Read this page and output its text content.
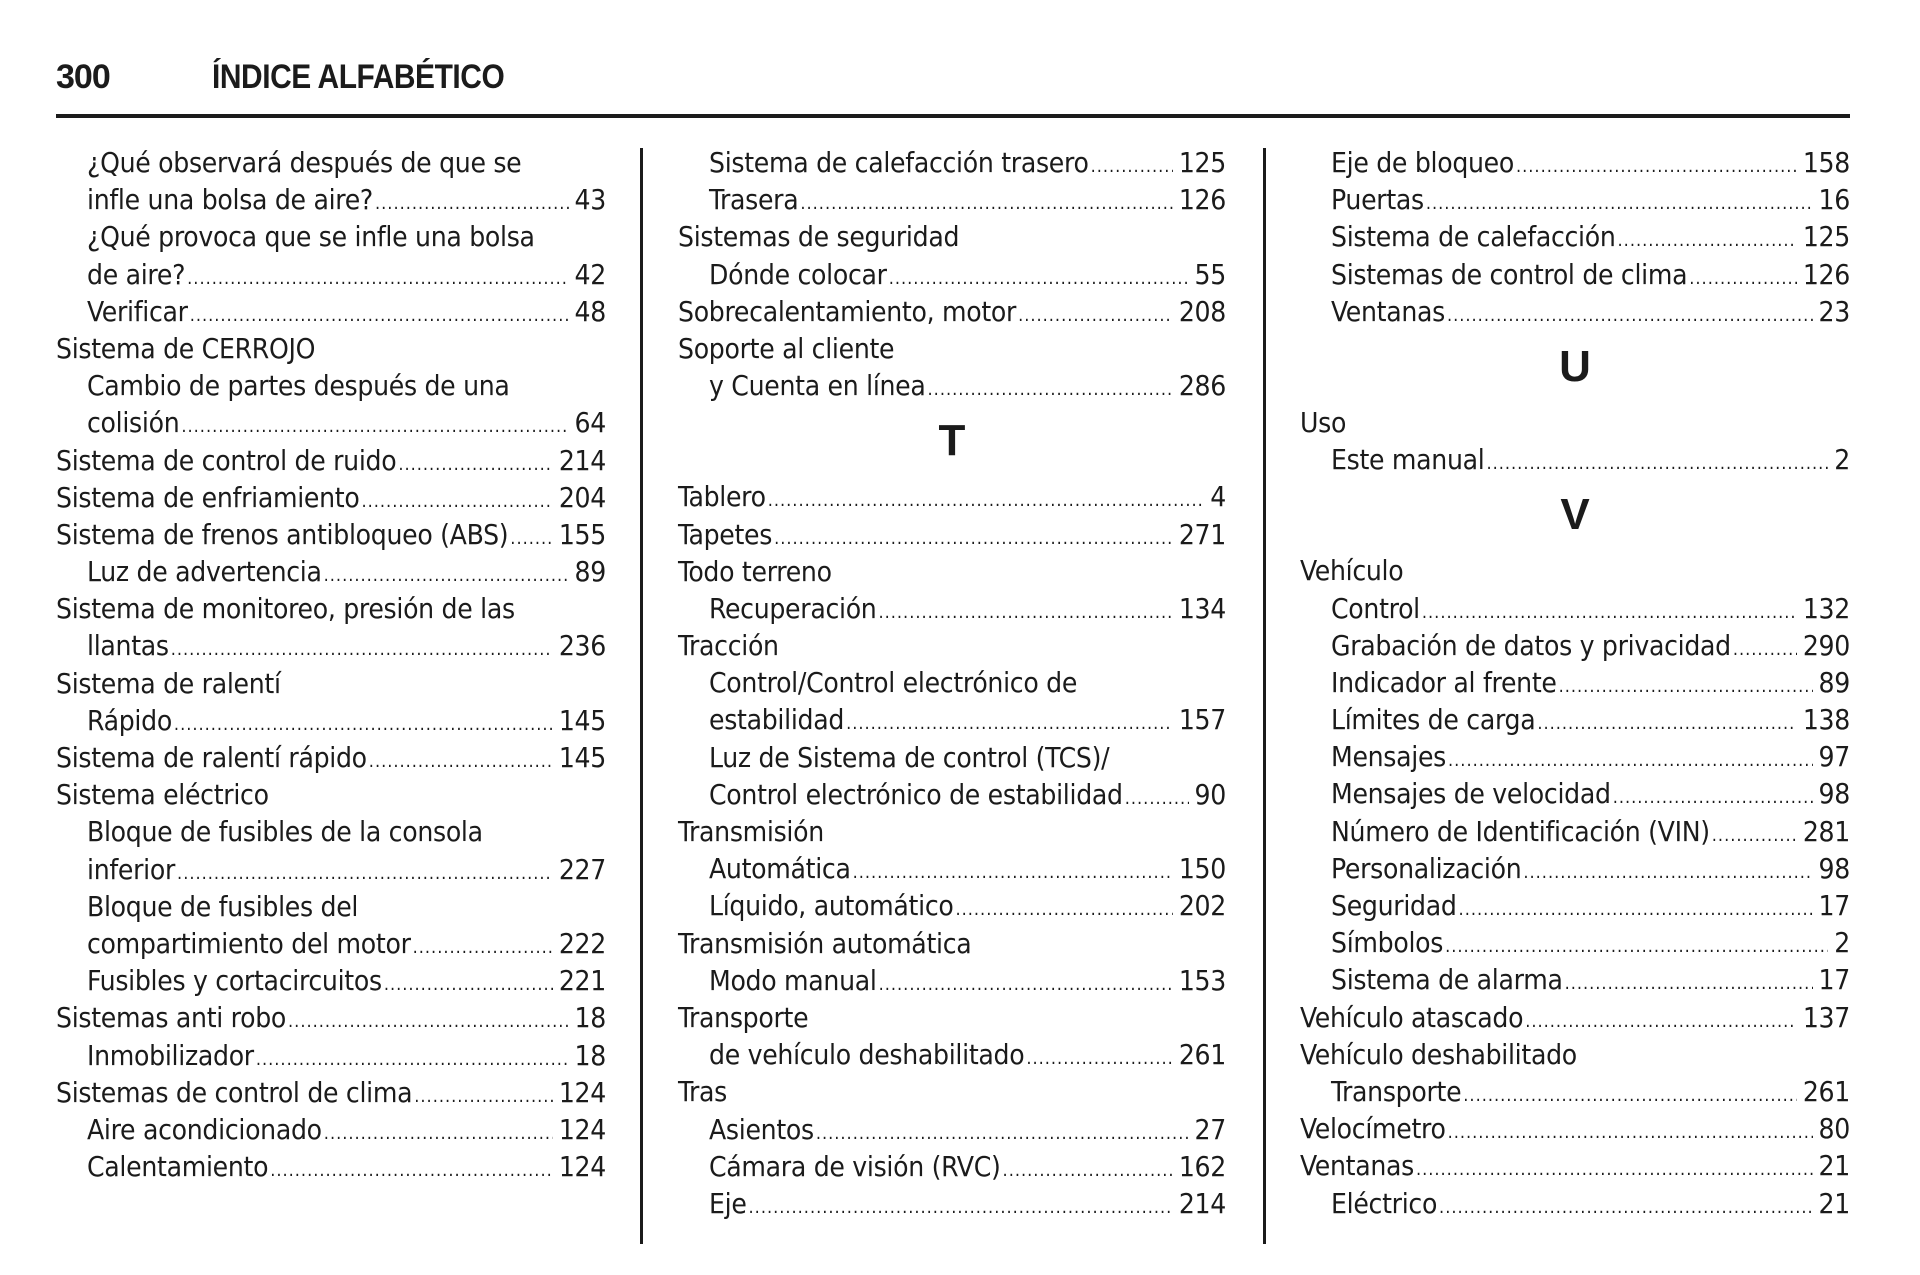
300	ÍNDICE ALFABÉTICO
¿Qué observará después de que se
infle una bolsa de aire? .....	43
¿Qué provoca que se infle una bolsa
de aire? .....	42
Verificar .....	48
Sistema de CERROJO
Cambio de partes después de una
colisión .....	64
Sistema de control de ruido .....	214
Sistema de enfriamiento .....	204
Sistema de frenos antibloqueo (ABS) ..... 155
Luz de advertencia .....	89
Sistema de monitoreo, presión de las
llantas .....	236
Sistema de ralentí
Rápido .....	145
Sistema de ralentí rápido .....	145
Sistema eléctrico
Bloque de fusibles de la consola
inferior .....	227
Bloque de fusibles del
compartimiento del motor .....	222
Fusibles y cortacircuitos .....	221
Sistemas anti robo .....	18
Inmobilizador .....	18
Sistemas de control de clima .....	124
Aire acondicionado .....	124
Calentamiento .....	124
Sistema de calefacción trasero .....	125
Trasera .....	126
Sistemas de seguridad
Dónde colocar .....	55
Sobrecalentamiento, motor .....	208
Soporte al cliente
y Cuenta en línea .....	286
T
Tablero .....	4
Tapetes .....	271
Todo terreno
Recuperación .....	134
Tracción
Control/Control electrónico de
estabilidad .....	157
Luz de Sistema de control (TCS)/
Control electrónico de estabilidad .....	90
Transmisión
Automática .....	150
Líquido, automático .....	202
Transmisión automática
Modo manual .....	153
Transporte
de vehículo deshabilitado .....	261
Tras
Asientos .....	27
Cámara de visión (RVC) .....	162
Eje .....	214
Eje de bloqueo .....	158
Puertas .....	16
Sistema de calefacción .....	125
Sistemas de control de clima .....	126
Ventanas .....	23
U
Uso
Este manual .....	2
V
Vehículo
Control .....	132
Grabación de datos y privacidad .....	290
Indicador al frente .....	89
Límites de carga .....	138
Mensajes .....	97
Mensajes de velocidad .....	98
Número de Identificación (VIN) .....	281
Personalización .....	98
Seguridad .....	17
Símbolos .....	2
Sistema de alarma .....	17
Vehículo atascado .....	137
Vehículo deshabilitado
Transporte .....	261
Velocímetro .....	80
Ventanas .....	21
Eléctrico .....	21
